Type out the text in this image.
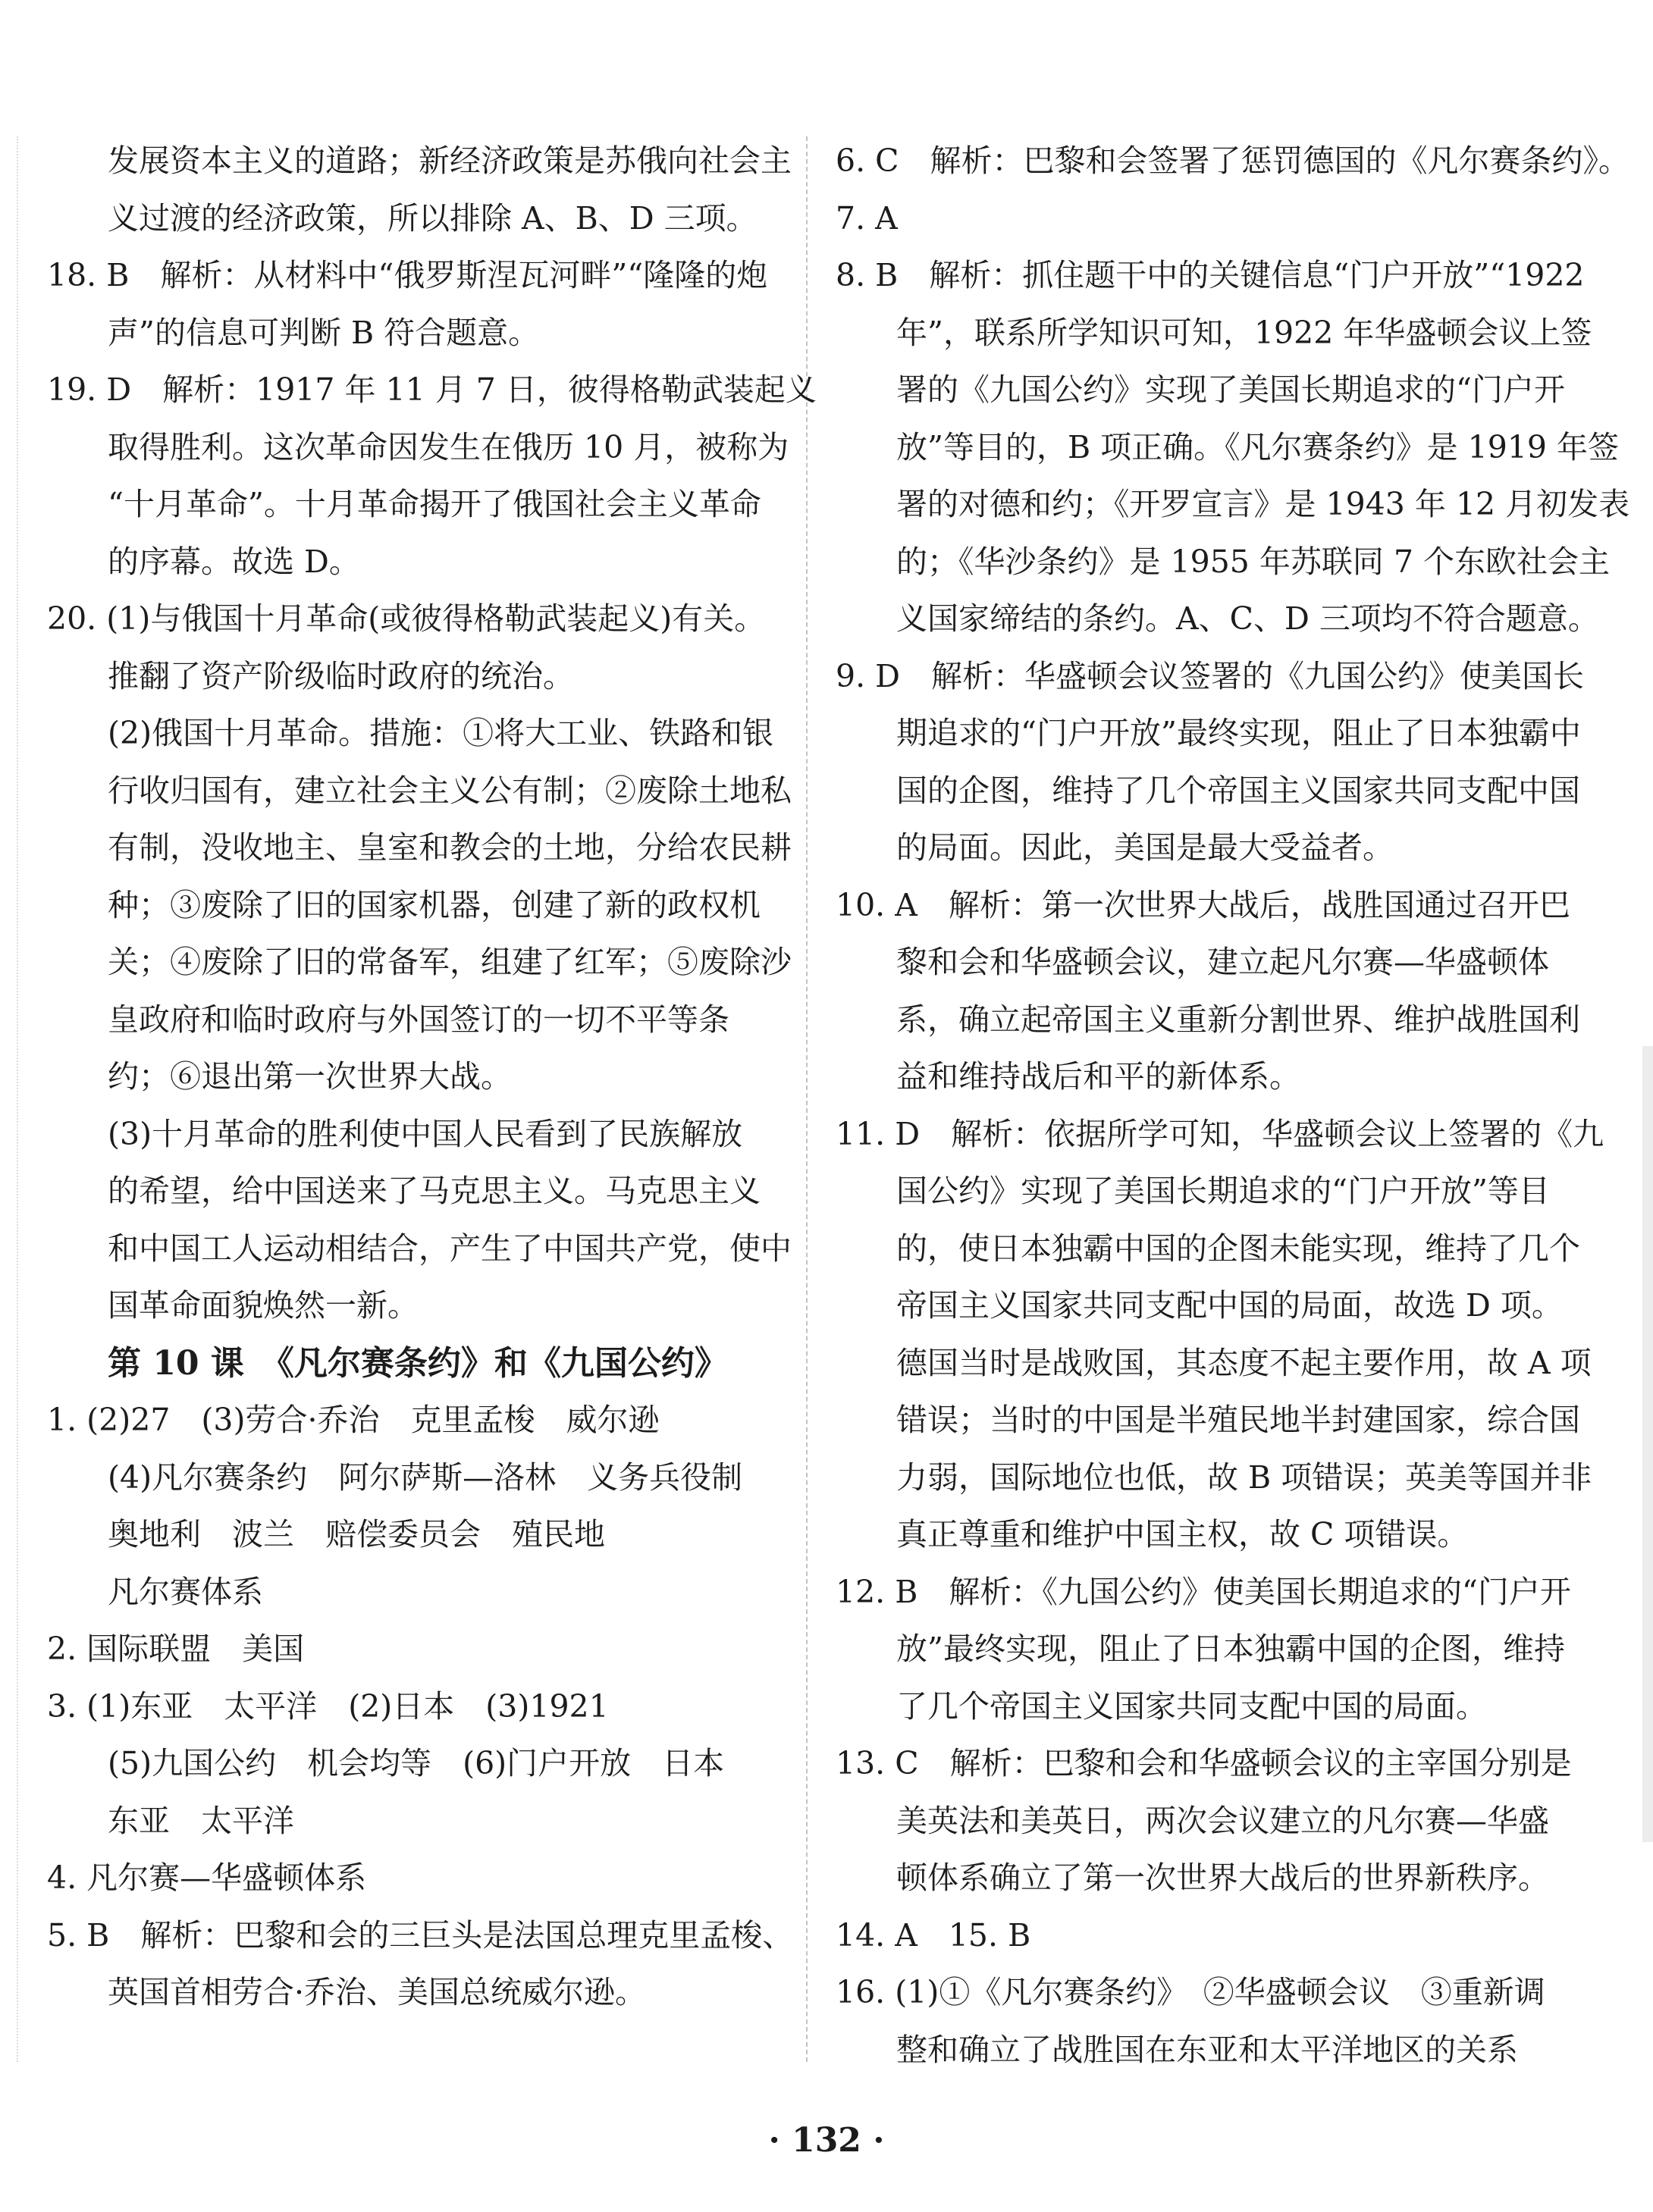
发展资本主义的道路；新经济政策是苏俄向社会主

义过渡的经济政策，所以排除 A、B、D 三项。

18. B　解析：从材料中“俄罗斯涅瓦河畔”“隆隆的炮

声”的信息可判断 B 符合题意。

19. D　解析：1917 年 11 月 7 日，彼得格勒武装起义

取得胜利。这次革命因发生在俄历 10 月，被称为

“十月革命”。十月革命揭开了俄国社会主义革命

的序幕。故选 D。

20. (1)与俄国十月革命(或彼得格勒武装起义)有关。

推翻了资产阶级临时政府的统治。

(2)俄国十月革命。措施：①将大工业、铁路和银

行收归国有，建立社会主义公有制；②废除土地私

有制，没收地主、皇室和教会的土地，分给农民耕

种；③废除了旧的国家机器，创建了新的政权机

关；④废除了旧的常备军，组建了红军；⑤废除沙

皇政府和临时政府与外国签订的一切不平等条

约；⑥退出第一次世界大战。

(3)十月革命的胜利使中国人民看到了民族解放

的希望，给中国送来了马克思主义。马克思主义

和中国工人运动相结合，产生了中国共产党，使中

国革命面貌焕然一新。

第 10 课　《凡尔赛条约》和《九国公约》

1. (2)27　(3)劳合·乔治　克里孟梭　威尔逊

(4)凡尔赛条约　阿尔萨斯—洛林　义务兵役制

奥地利　波兰　赔偿委员会　殖民地

凡尔赛体系

2. 国际联盟　美国

3. (1)东亚　太平洋　(2)日本　(3)1921

(5)九国公约　机会均等　(6)门户开放　日本

东亚　太平洋

4. 凡尔赛—华盛顿体系

5. B　解析：巴黎和会的三巨头是法国总理克里孟梭、

英国首相劳合·乔治、美国总统威尔逊。

6. C　解析：巴黎和会签署了惩罚德国的《凡尔赛条约》。

7. A

8. B　解析：抓住题干中的关键信息“门户开放”“1922

年”，联系所学知识可知，1922 年华盛顿会议上签

署的《九国公约》实现了美国长期追求的“门户开

放”等目的，B 项正确。《凡尔赛条约》是 1919 年签

署的对德和约；《开罗宣言》是 1943 年 12 月初发表

的；《华沙条约》是 1955 年苏联同 7 个东欧社会主

义国家缔结的条约。A、C、D 三项均不符合题意。

9. D　解析：华盛顿会议签署的《九国公约》使美国长

期追求的“门户开放”最终实现，阻止了日本独霸中

国的企图，维持了几个帝国主义国家共同支配中国

的局面。因此，美国是最大受益者。

10. A　解析：第一次世界大战后，战胜国通过召开巴

黎和会和华盛顿会议，建立起凡尔赛—华盛顿体

系，确立起帝国主义重新分割世界、维护战胜国利

益和维持战后和平的新体系。

11. D　解析：依据所学可知，华盛顿会议上签署的《九

国公约》实现了美国长期追求的“门户开放”等目

的，使日本独霸中国的企图未能实现，维持了几个

帝国主义国家共同支配中国的局面，故选 D 项。

德国当时是战败国，其态度不起主要作用，故 A 项

错误；当时的中国是半殖民地半封建国家，综合国

力弱，国际地位也低，故 B 项错误；英美等国并非

真正尊重和维护中国主权，故 C 项错误。

12. B　解析：《九国公约》使美国长期追求的“门户开

放”最终实现，阻止了日本独霸中国的企图，维持

了几个帝国主义国家共同支配中国的局面。

13. C　解析：巴黎和会和华盛顿会议的主宰国分别是

美英法和美英日，两次会议建立的凡尔赛—华盛

顿体系确立了第一次世界大战后的世界新秩序。

14. A　15. B

16. (1)①《凡尔赛条约》　②华盛顿会议　③重新调

整和确立了战胜国在东亚和太平洋地区的关系

· 132 ·
